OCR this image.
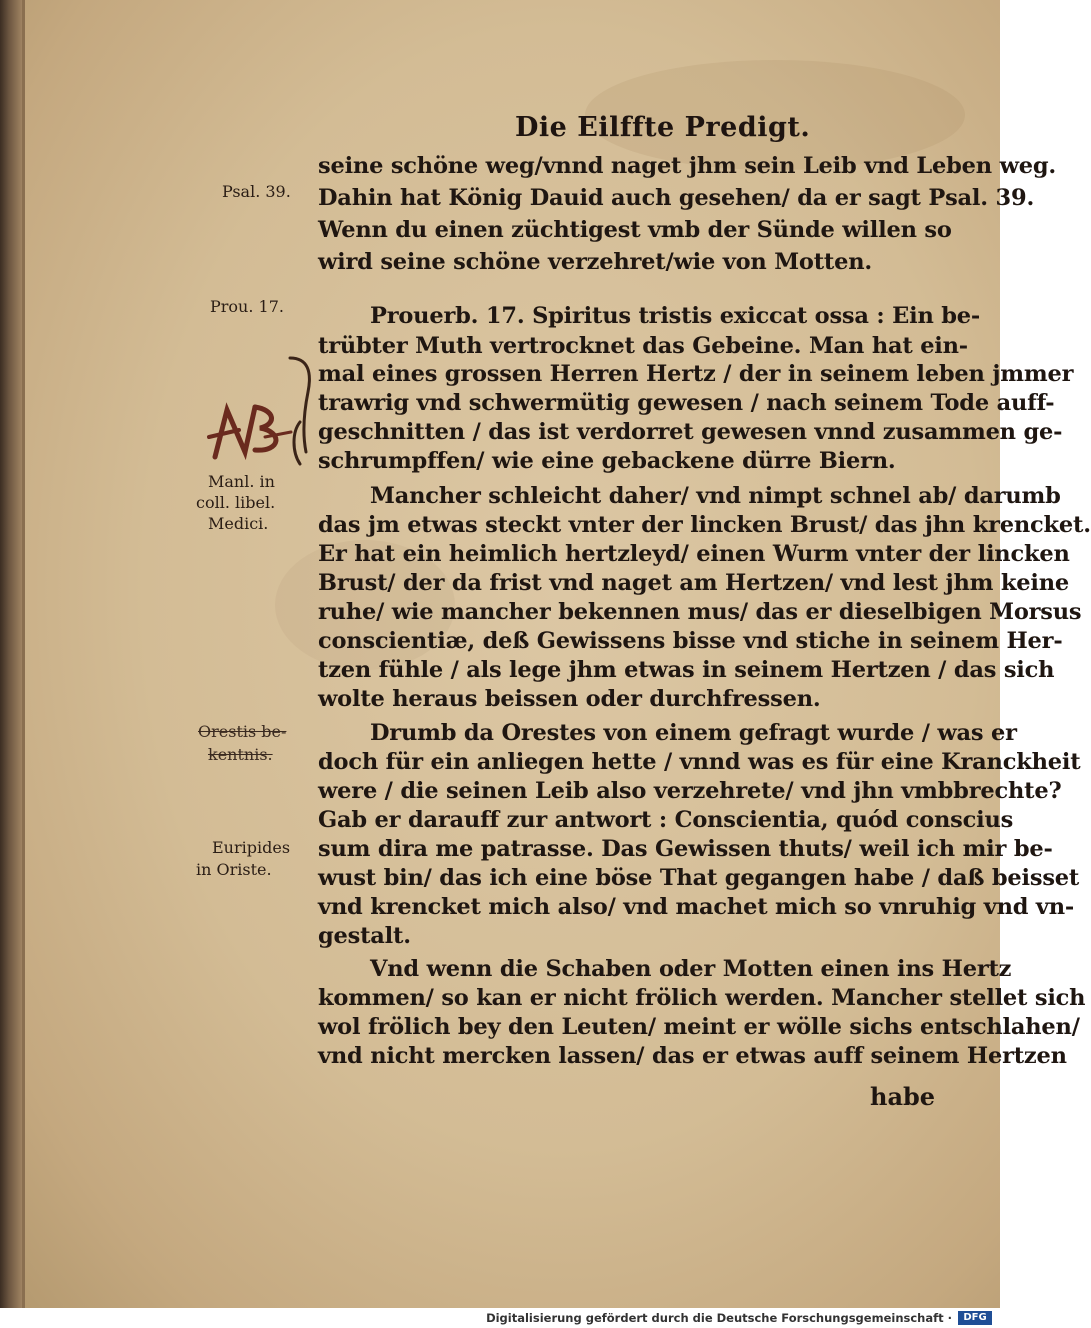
Die Eilffte Predigt.
seine schöne weg/vnnd naget jhm sein Leib vnd Leben weg.
Dahin hat König Dauid auch gesehen/ da er sagt Psal. 39.
Wenn du einen züchtigest vmb der Sünde willen so
wird seine schöne verzehret/wie von Motten.
Prouerb. 17. Spiritus tristis exiccat ossa : Ein be-
trübter Muth vertrocknet das Gebeine. Man hat ein-
mal eines grossen Herren Hertz / der in seinem leben jmmer
trawrig vnd schwermütig gewesen / nach seinem Tode auff-
geschnitten / das ist verdorret gewesen vnnd zusammen ge-
schrumpffen/ wie eine gebackene dürre Biern.
Mancher schleicht daher/ vnd nimpt schnel ab/ darumb
das jm etwas steckt vnter der lincken Brust/ das jhn krencket.
Er hat ein heimlich hertzleyd/ einen Wurm vnter der lincken
Brust/ der da frist vnd naget am Hertzen/ vnd lest jhm keine
ruhe/ wie mancher bekennen mus/ das er dieselbigen Morsus
conscientiæ, deß Gewissens bisse vnd stiche in seinem Her-
tzen fühle / als lege jhm etwas in seinem Hertzen / das sich
wolte heraus beissen oder durchfressen.
Drumb da Orestes von einem gefragt wurde / was er
doch für ein anliegen hette / vnnd was es für eine Kranckheit
were / die seinen Leib also verzehrete/ vnd jhn vmbbrechte?
Gab er darauff zur antwort : Conscientia, quód conscius
sum dira me patrasse. Das Gewissen thuts/ weil ich mir be-
wust bin/ das ich eine böse That gegangen habe / daß beisset
vnd krencket mich also/ vnd machet mich so vnruhig vnd vn-
gestalt.
Vnd wenn die Schaben oder Motten einen ins Hertz
kommen/ so kan er nicht frölich werden. Mancher stellet sich
wol frölich bey den Leuten/ meint er wölle sichs entschlahen/
vnd nicht mercken lassen/ das er etwas auff seinem Hertzen
habe
Psal. 39.
Prou. 17.
Manl. in
coll. libel.
Medici.
Orestis be-
kentnis.
Euripides
in Oriste.
Digitalisierung gefördert durch die Deutsche Forschungsgemeinschaft ·	DFG
